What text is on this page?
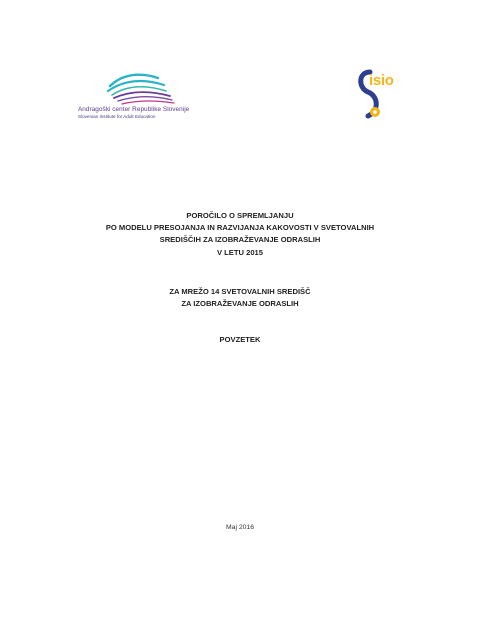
Andragoški center Republike Slovenije
Slovenian Institute for Adult Education
isio
POROČILO O SPREMLJANJU
PO MODELU PRESOJANJA IN RAZVIJANJA KAKOVOSTI V SVETOVALNIH
SREDIŠČIH ZA IZOBRAŽEVANJE ODRASLIH
V LETU 2015
ZA MREŽO 14 SVETOVALNIH SREDIŠČ
ZA IZOBRAŽEVANJE ODRASLIH
POVZETEK
Maj 2016
